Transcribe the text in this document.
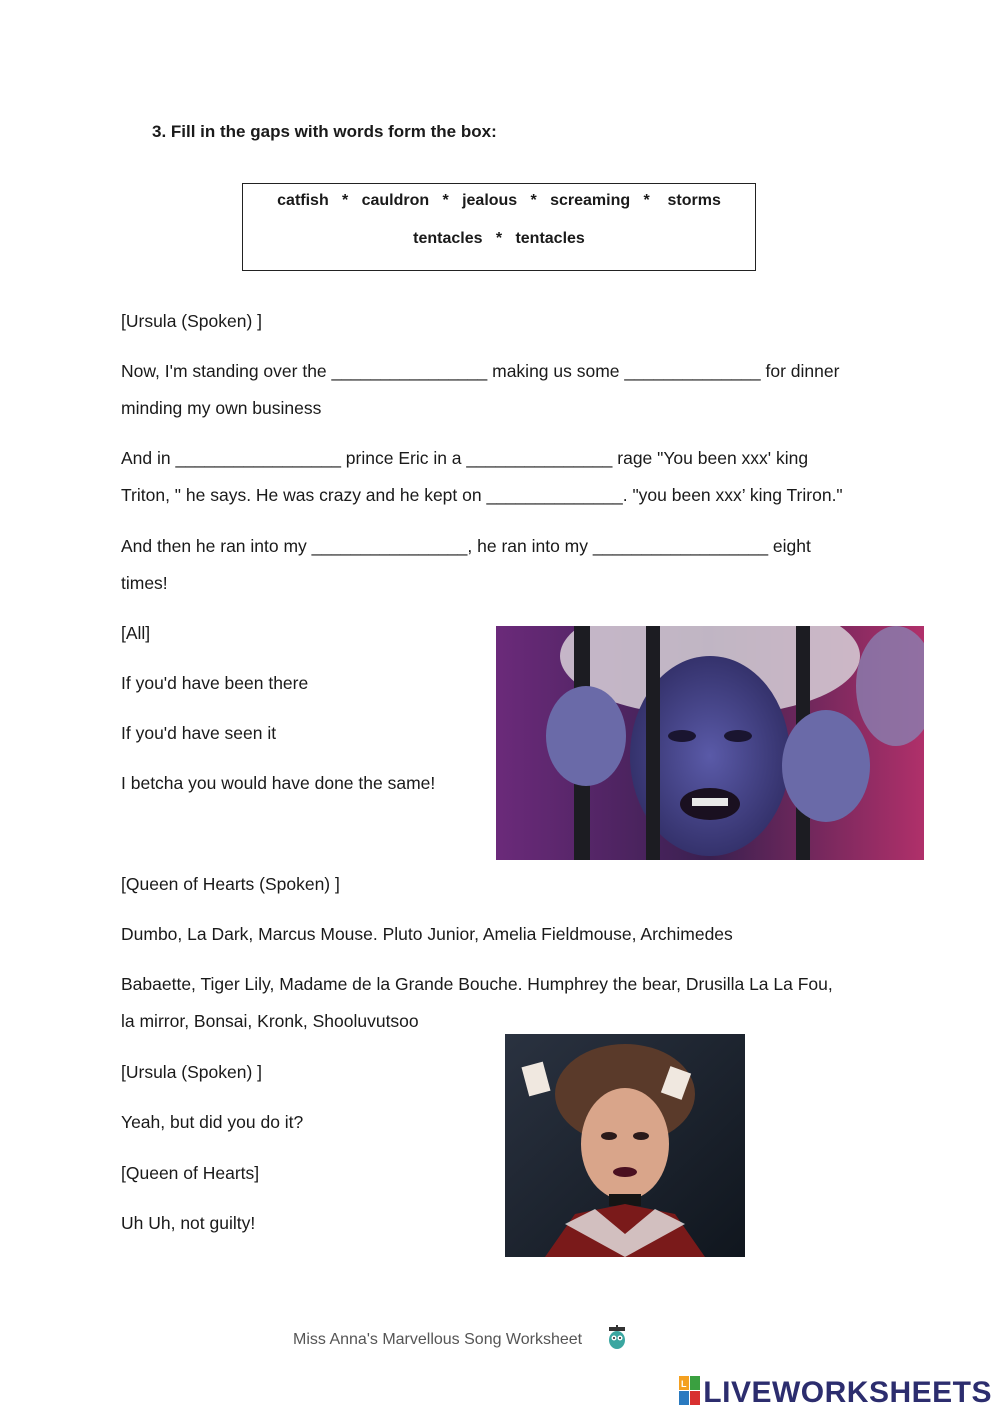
3. Fill in the gaps with words form the box:
catfish   *   cauldron   *   jealous   *   screaming   *    storms
tentacles   *   tentacles
[Ursula (Spoken) ]
Now, I'm standing over the ________________ making us some ______________ for dinner
minding my own business
And in _________________ prince Eric in a _______________ rage "You been xxx' king
Triton, " he says. He was crazy and he kept on ______________. "you been xxx’ king Triron."
And then he ran into my ________________, he ran into my __________________ eight
times!
[All]
If you'd have been there
If you'd have seen it
I betcha you would have done the same!
[Queen of Hearts (Spoken) ]
Dumbo, La Dark, Marcus Mouse. Pluto Junior, Amelia Fieldmouse, Archimedes
Babaette, Tiger Lily, Madame de la Grande Bouche. Humphrey the bear, Drusilla La La Fou,
la mirror, Bonsai, Kronk, Shooluvutsoo
[Ursula (Spoken) ]
Yeah, but did you do it?
[Queen of Hearts]
Uh Uh, not guilty!
Miss Anna's Marvellous Song Worksheet
L LIVEWORKSHEETS
